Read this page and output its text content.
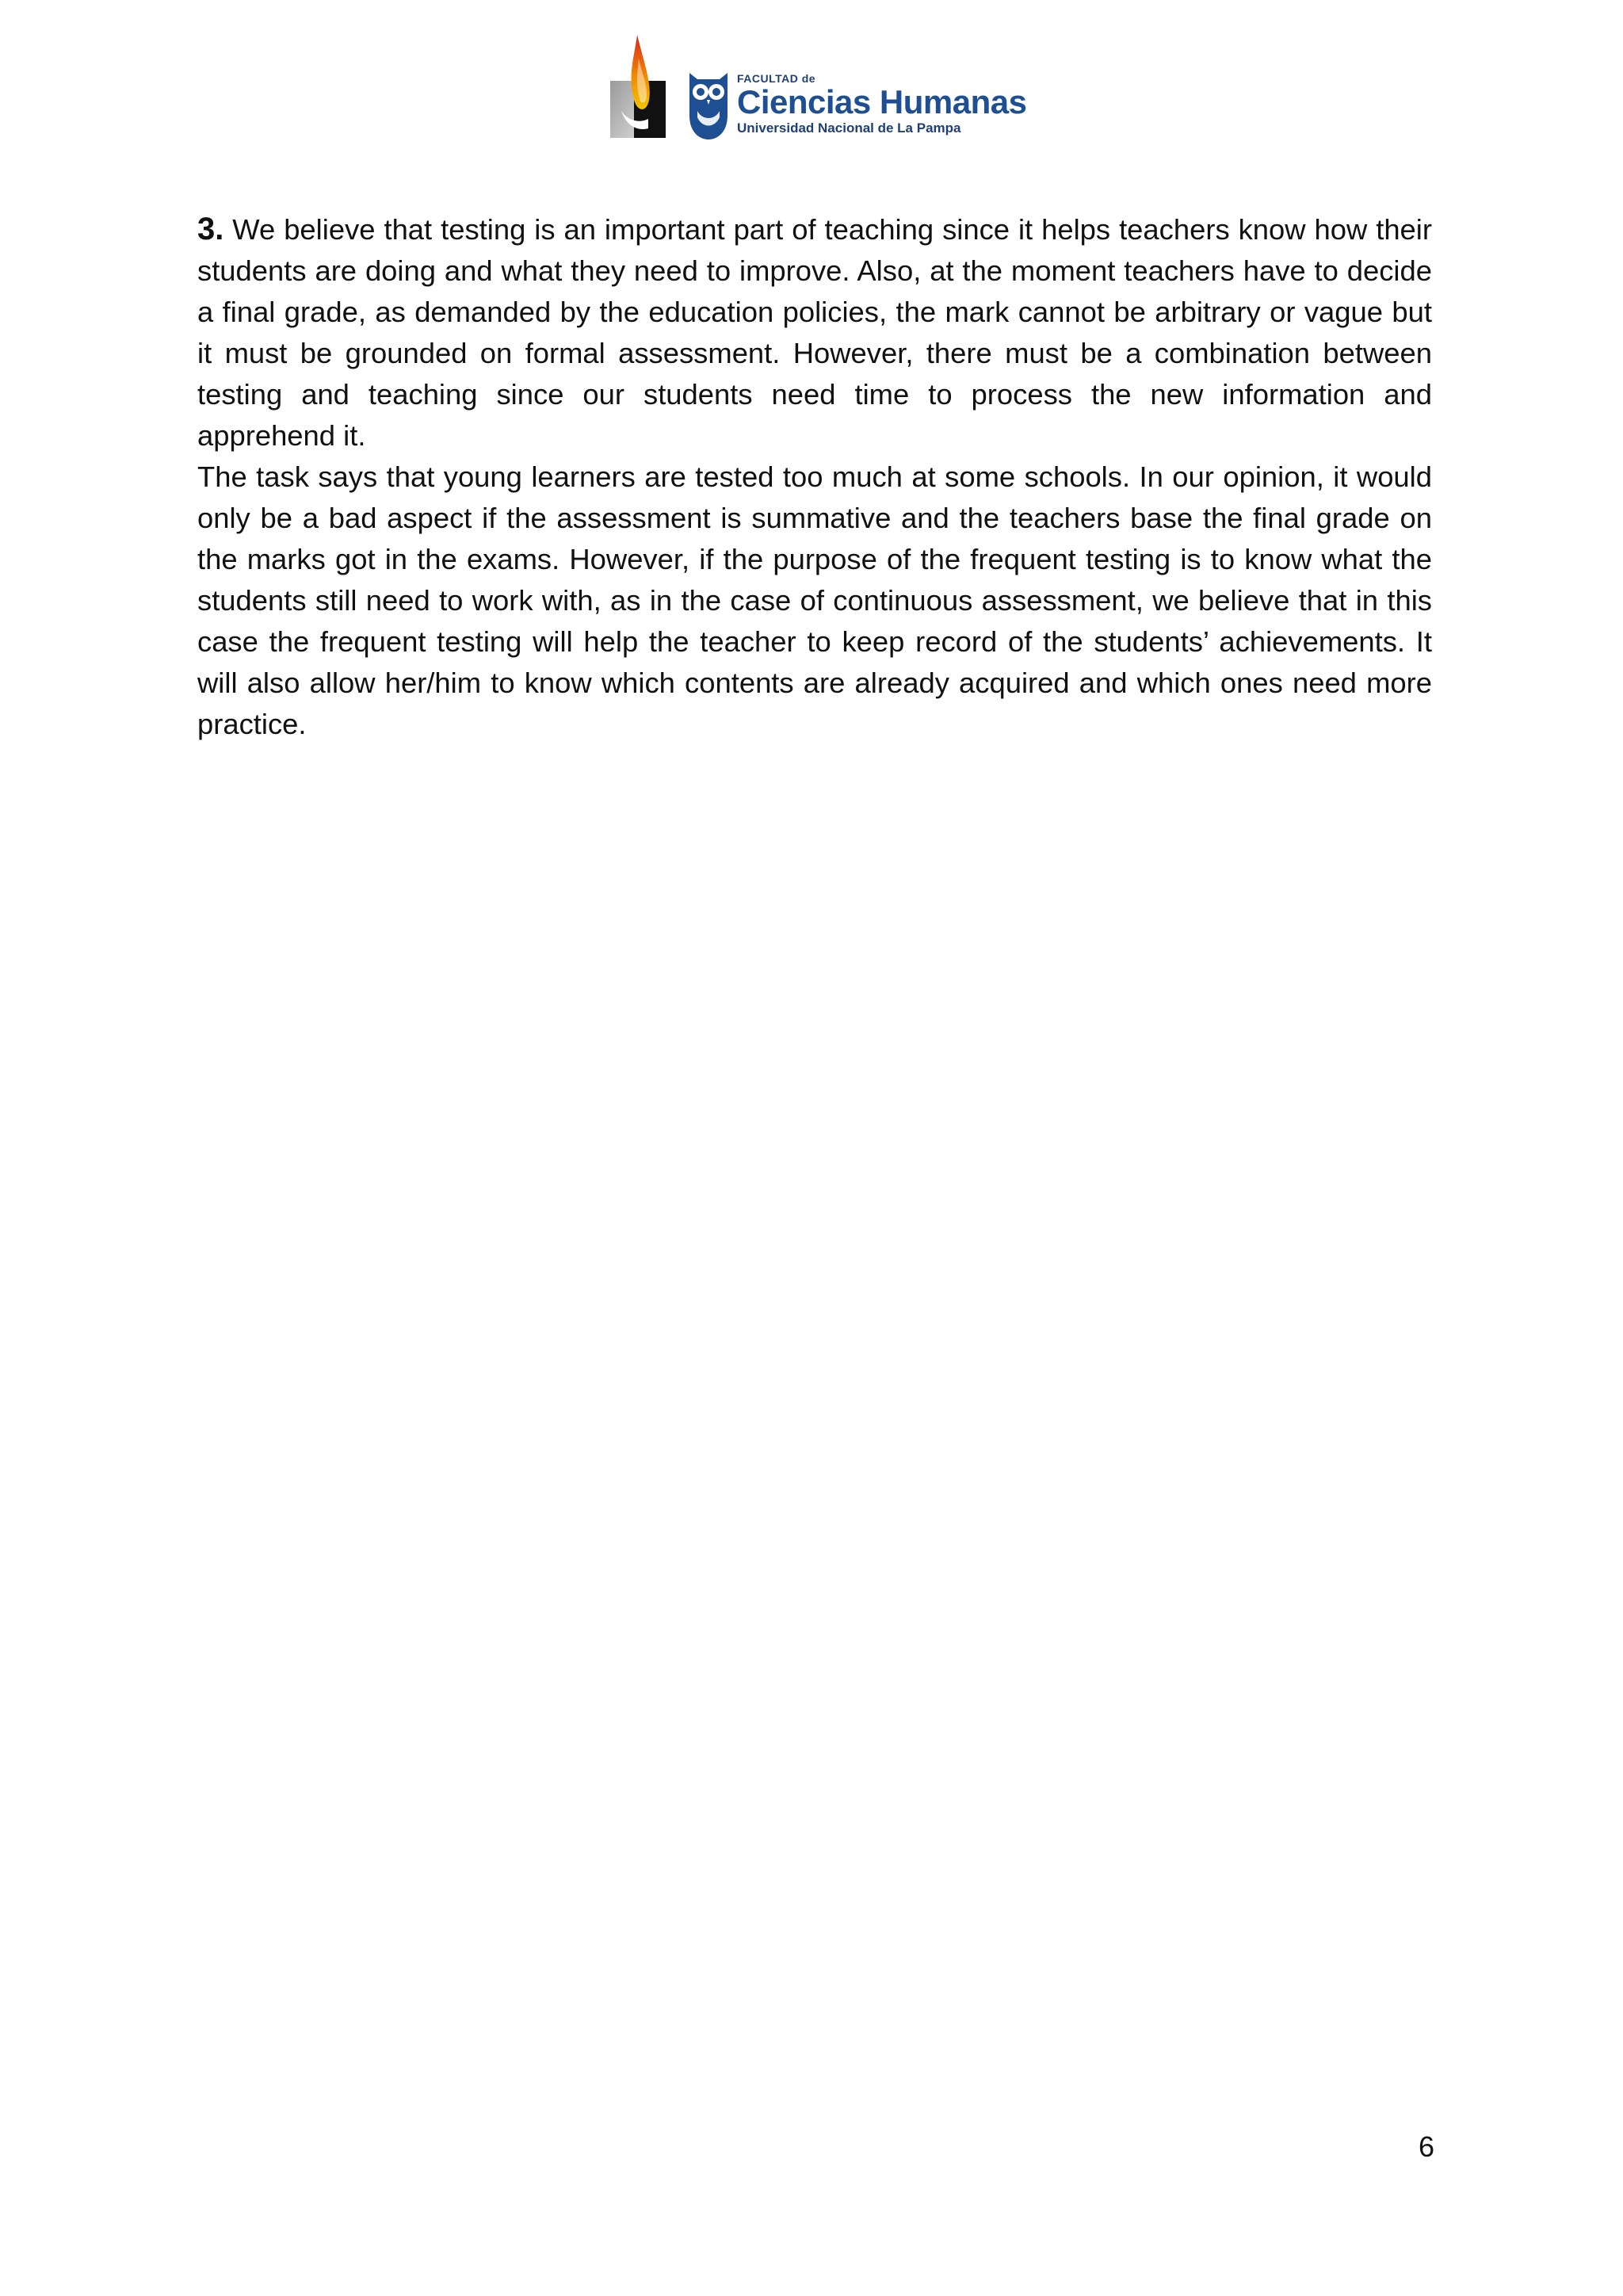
FACULTAD de
Ciencias Humanas
Universidad Nacional de La Pampa

3. We believe that testing is an important part of teaching since it helps teachers know how their students are doing and what they need to improve. Also, at the moment teachers have to decide a final grade, as demanded by the education policies, the mark cannot be arbitrary or vague but it must be grounded on formal assessment. However, there must be a combination between testing and teaching since our students need time to process the new information and apprehend it.

The task says that young learners are tested too much at some schools. In our opinion, it would only be a bad aspect if the assessment is summative and the teachers base the final grade on the marks got in the exams. However, if the purpose of the frequent testing is to know what the students still need to work with, as in the case of continuous assessment, we believe that in this case the frequent testing will help the teacher to keep record of the students’ achievements. It will also allow her/him to know which contents are already acquired and which ones need more practice.

6
